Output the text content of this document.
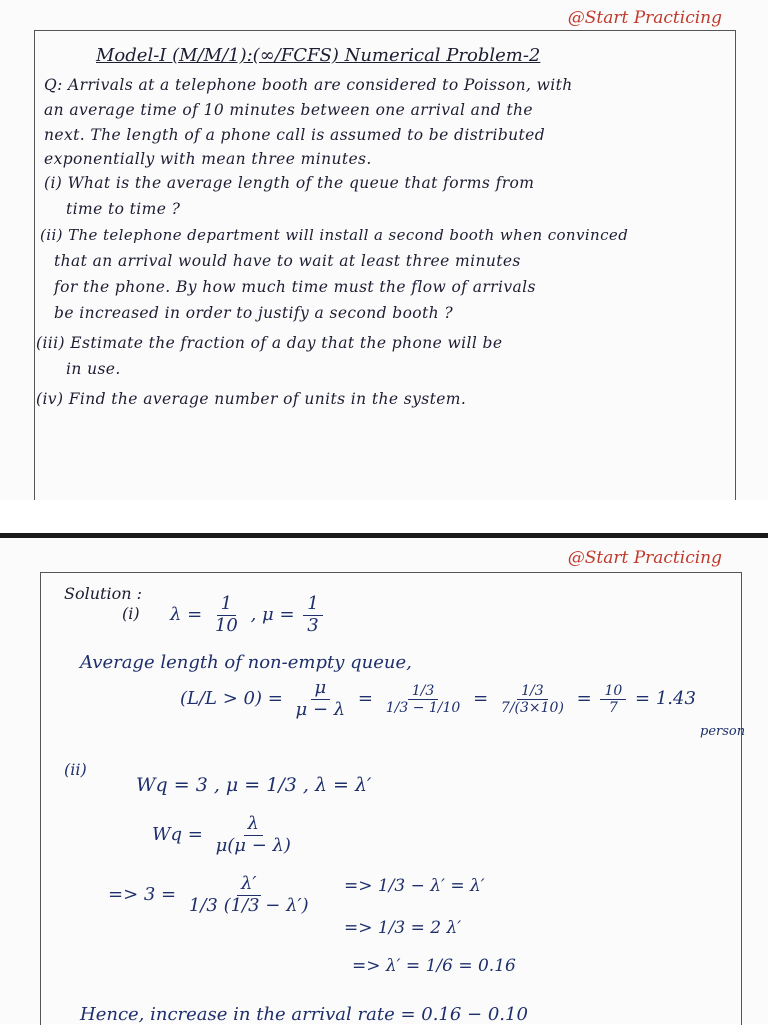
@Start Practicing
Model-I (M/M/1):(∞/FCFS) Numerical Problem-2
Q: Arrivals at a telephone booth are considered to Poisson, with
an average time of 10 minutes between one arrival and the
next. The length of a phone call is assumed to be distributed
exponentially with mean three minutes.
(i) What is the average length of the queue that forms from
time to time ?
(ii) The telephone department will install a second booth when convinced
that an arrival would have to wait at least three minutes
for the phone. By how much time must the flow of arrivals
be increased in order to justify a second booth ?
(iii) Estimate the fraction of a day that the phone will be
in use.
(iv) Find the average number of units in the system.
@Start Practicing
Solution :
(i) $\lambda = \frac{1}{10}$ , $\mu = \frac{1}{3}$
Average length of non-empty queue,
$(L/L > 0) = \frac{\mu}{\mu - \lambda} = \frac{1/3}{1/3 - 1/10} = \frac{1/3}{7/(3\times 10)} = \frac{10}{7} = 1.43$
person
(ii)
Wq = 3 , μ = 1/3 , λ = λ′
$Wq = \frac{\lambda}{\mu(\mu - \lambda)}$
=> $3 = \frac{\lambda'}{1/3 (1/3 - \lambda')} => 1/3 - \lambda' = \lambda'$
=> 1/3 = 2 λ′
=> λ′ = 1/6 = 0.16
Hence, increase in the arrival rate = 0.16 − 0.10
